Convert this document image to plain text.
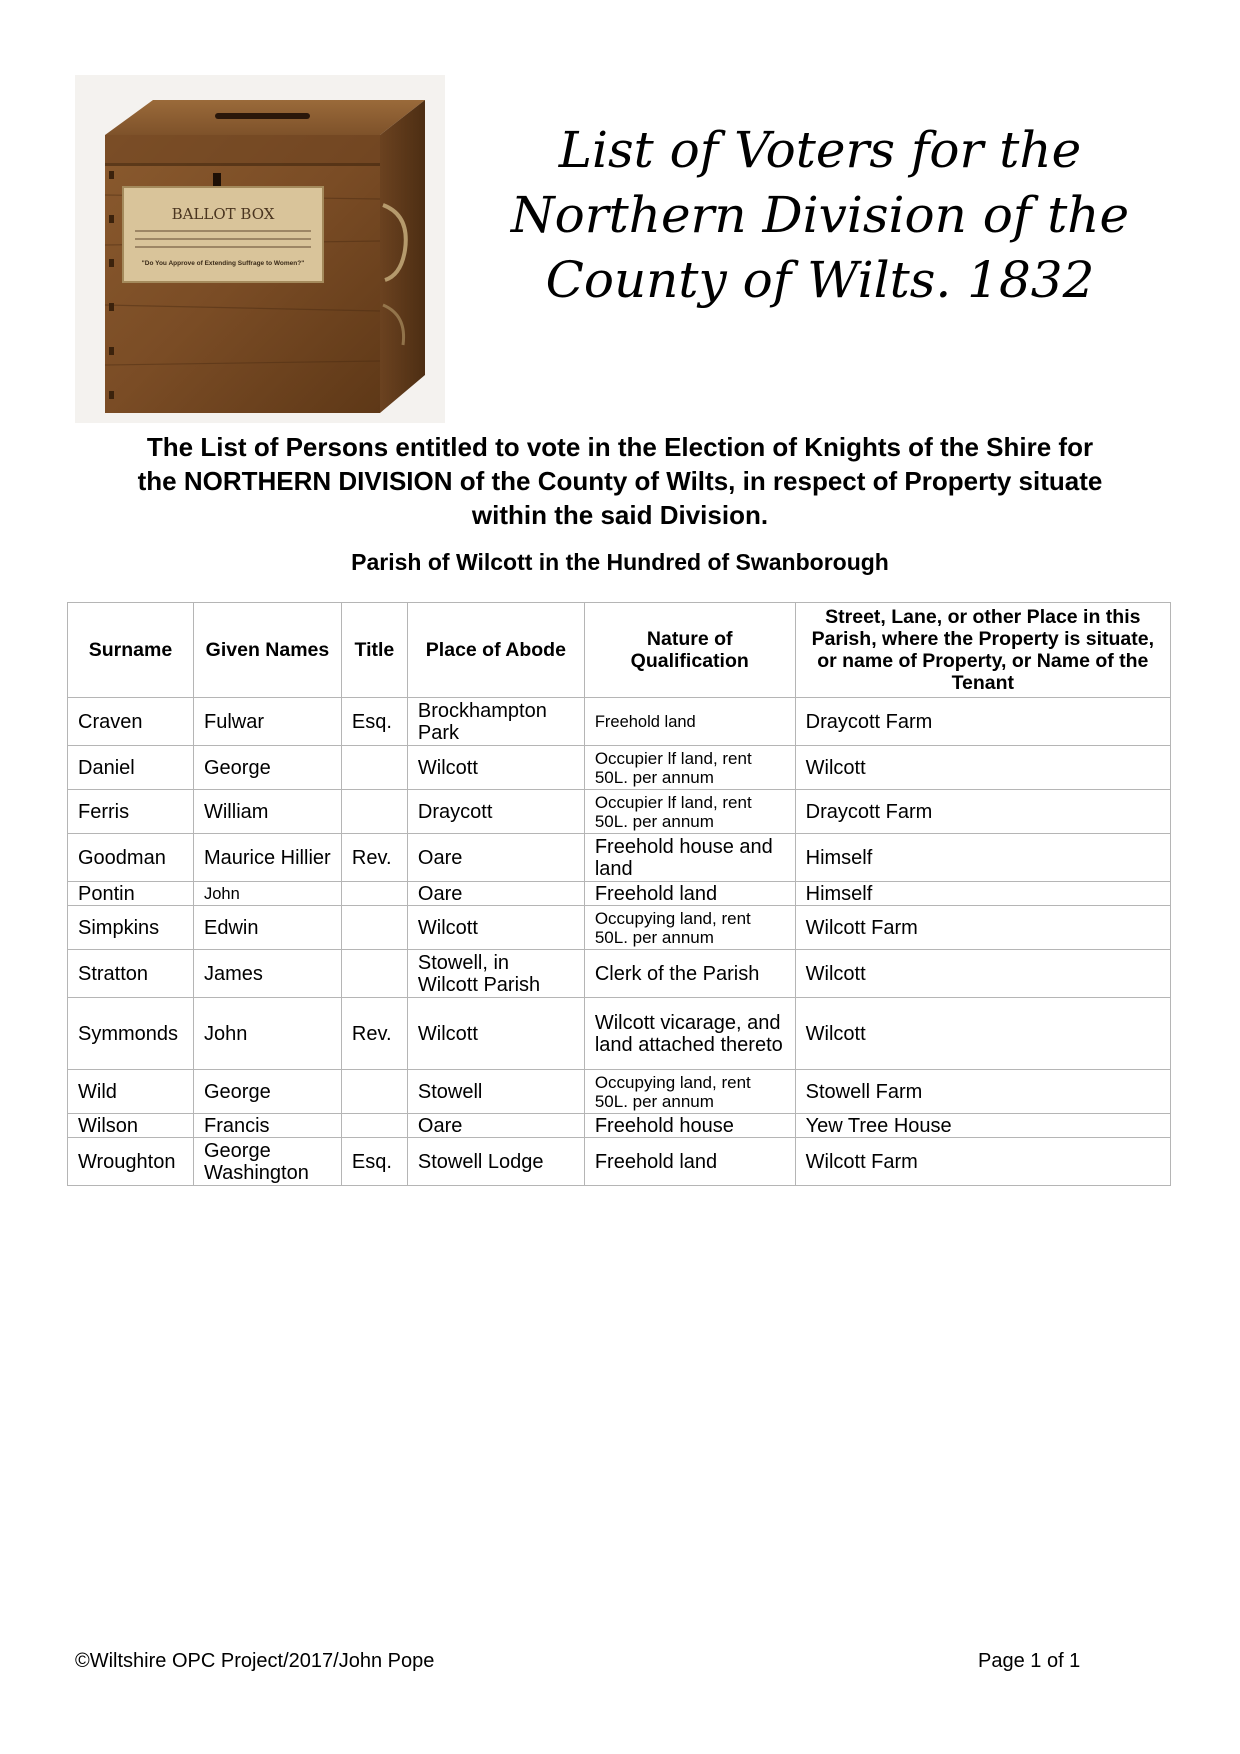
BALLOT BOX
"Do You Approve of Extending Suffrage to Women?"
List of Voters for the
Northern Division of the
County of Wilts. 1832

The List of Persons entitled to vote in the Election of Knights of the Shire for
the NORTHERN DIVISION of the County of Wilts, in respect of Property situate
within the said Division.

Parish of Wilcott in the Hundred of Swanborough

Surname	Given Names	Title	Place of Abode	Nature of Qualification	Street, Lane, or other Place in this Parish, where the Property is situate, or name of Property, or Name of the Tenant
Craven	Fulwar	Esq.	Brockhampton Park	Freehold land	Draycott Farm
Daniel	George		Wilcott	Occupier lf land, rent 50L. per annum	Wilcott
Ferris	William		Draycott	Occupier lf land, rent 50L. per annum	Draycott Farm
Goodman	Maurice Hillier	Rev.	Oare	Freehold house and land	Himself
Pontin	John		Oare	Freehold land	Himself
Simpkins	Edwin		Wilcott	Occupying land, rent 50L. per annum	Wilcott Farm
Stratton	James		Stowell, in Wilcott Parish	Clerk of the Parish	Wilcott
Symmonds	John	Rev.	Wilcott	Wilcott vicarage, and land attached thereto	Wilcott
Wild	George		Stowell	Occupying land, rent 50L. per annum	Stowell Farm
Wilson	Francis		Oare	Freehold house	Yew Tree House
Wroughton	George Washington	Esq.	Stowell Lodge	Freehold land	Wilcott Farm
©Wiltshire OPC Project/2017/John Pope	Page 1 of 1
